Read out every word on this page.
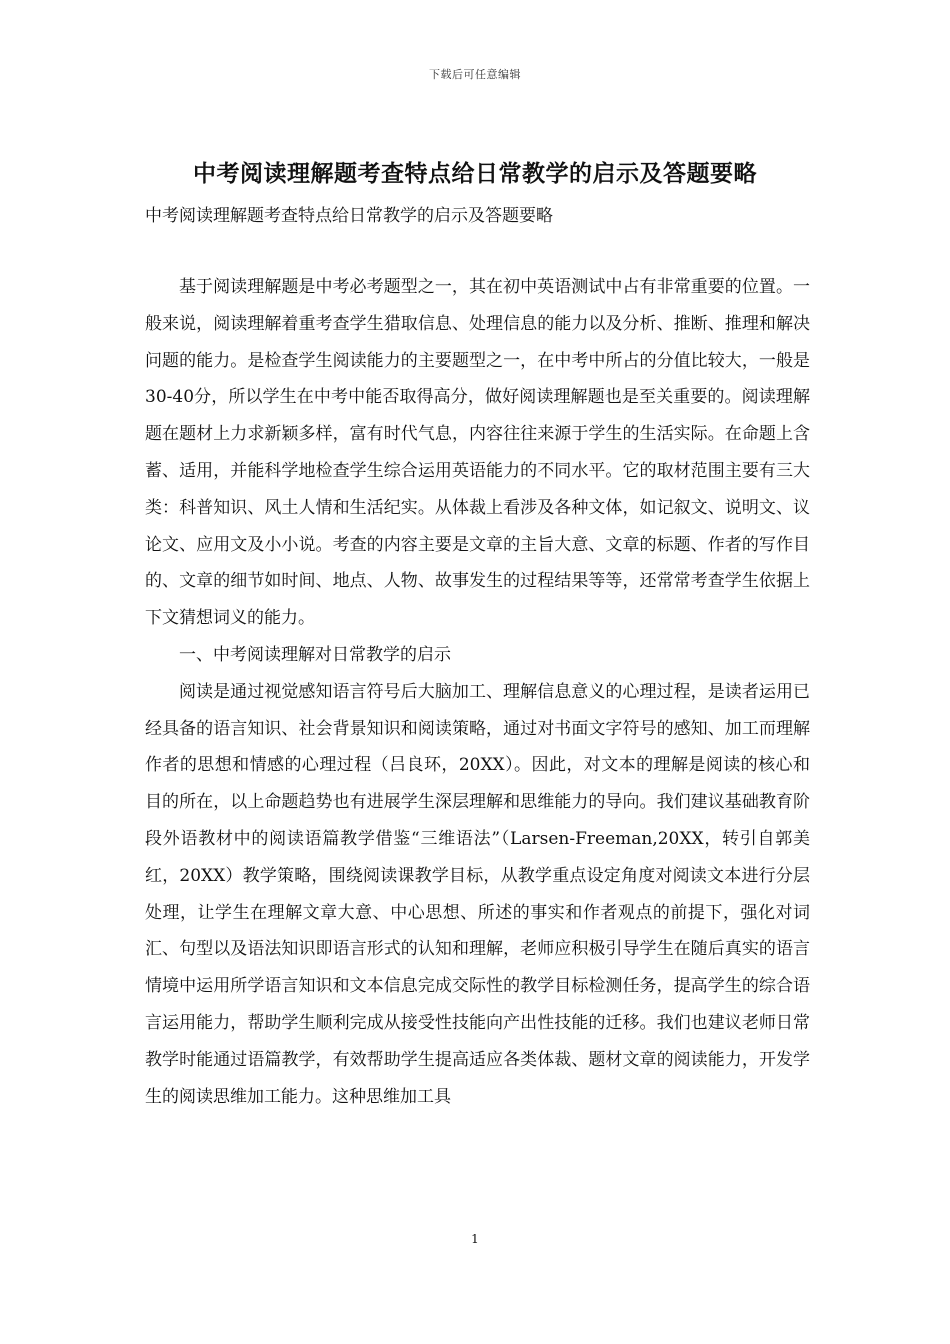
下载后可任意编辑
中考阅读理解题考查特点给日常教学的启示及答题要略

中考阅读理解题考查特点给日常教学的启示及答题要略

基于阅读理解题是中考必考题型之一，其在初中英语测试中占有非常重要的位置。一般来说，阅读理解着重考查学生猎取信息、处理信息的能力以及分析、推断、推理和解决问题的能力。是检查学生阅读能力的主要题型之一，在中考中所占的分值比较大，一般是30-40分，所以学生在中考中能否取得高分，做好阅读理解题也是至关重要的。阅读理解题在题材上力求新颖多样，富有时代气息，内容往往来源于学生的生活实际。在命题上含蓄、适用，并能科学地检查学生综合运用英语能力的不同水平。它的取材范围主要有三大类：科普知识、风土人情和生活纪实。从体裁上看涉及各种文体，如记叙文、说明文、议论文、应用文及小小说。考查的内容主要是文章的主旨大意、文章的标题、作者的写作目的、文章的细节如时间、地点、人物、故事发生的过程结果等等，还常常考查学生依据上下文猜想词义的能力。

一、中考阅读理解对日常教学的启示

阅读是通过视觉感知语言符号后大脑加工、理解信息意义的心理过程，是读者运用已经具备的语言知识、社会背景知识和阅读策略，通过对书面文字符号的感知、加工而理解作者的思想和情感的心理过程（吕良环，20XX）。因此，对文本的理解是阅读的核心和目的所在，以上命题趋势也有进展学生深层理解和思维能力的导向。我们建议基础教育阶段外语教材中的阅读语篇教学借鉴“三维语法”（Larsen-Freeman,20XX，转引自郭美红，20XX）教学策略，围绕阅读课教学目标，从教学重点设定角度对阅读文本进行分层处理，让学生在理解文章大意、中心思想、所述的事实和作者观点的前提下，强化对词汇、句型以及语法知识即语言形式的认知和理解，老师应积极引导学生在随后真实的语言情境中运用所学语言知识和文本信息完成交际性的教学目标检测任务，提高学生的综合语言运用能力，帮助学生顺利完成从接受性技能向产出性技能的迁移。我们也建议老师日常教学时能通过语篇教学，有效帮助学生提高适应各类体裁、题材文章的阅读能力，开发学生的阅读思维加工能力。这种思维加工具

1
